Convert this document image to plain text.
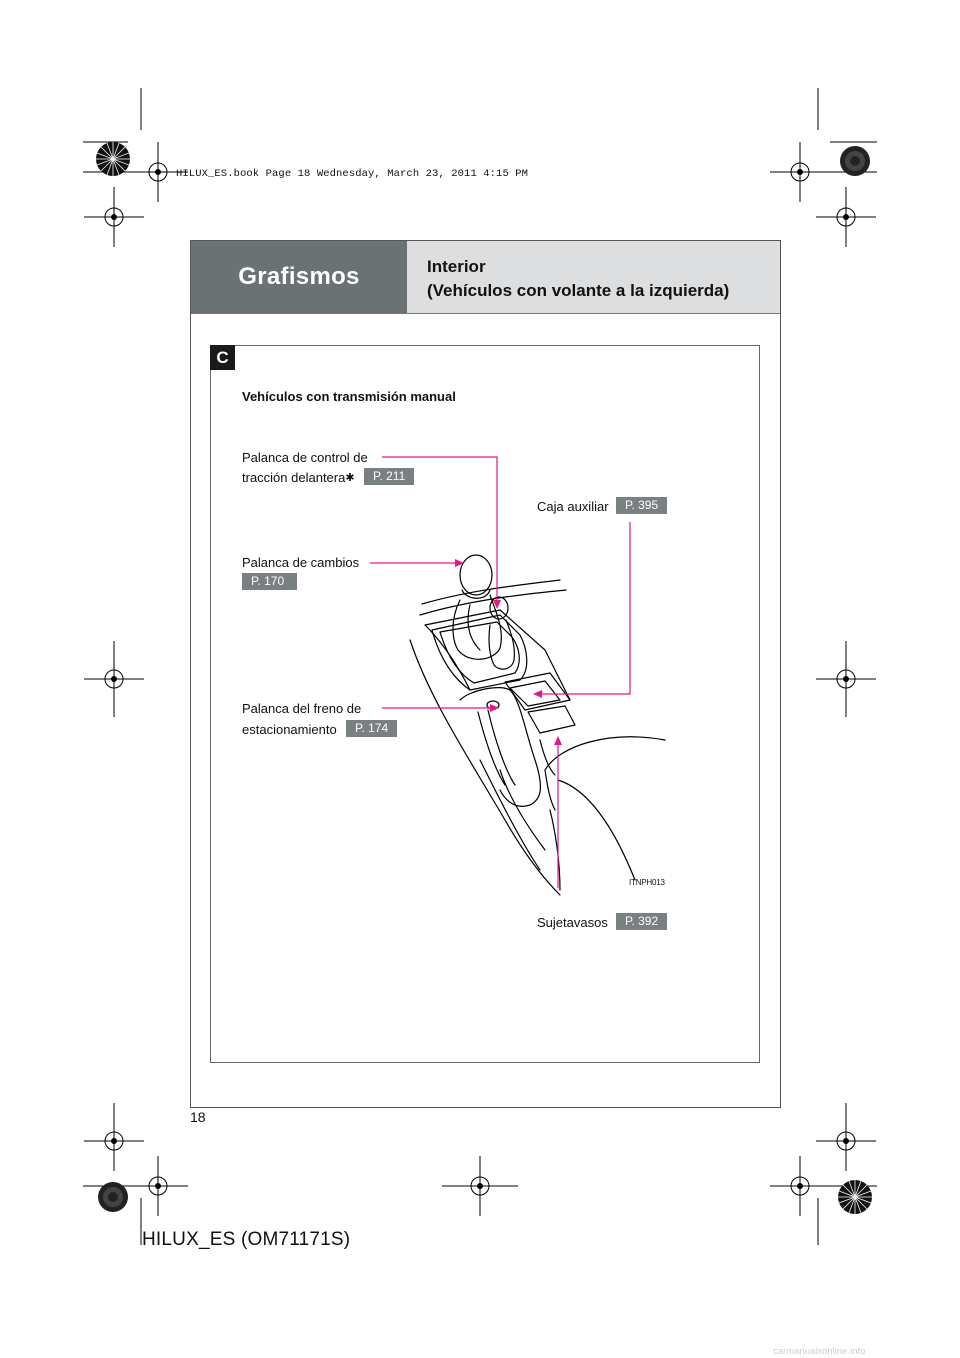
HILUX_ES.book Page 18 Wednesday, March 23, 2011 4:15 PM
Grafismos	Interior
(Vehículos con volante a la izquierda)
C
Vehículos con transmisión manual
Palanca de control de
tracción delantera✱	P. 211
Caja auxiliar	P. 395
Palanca de cambios
P. 170
Palanca del freno de
estacionamiento	P. 174
Sujetavasos	P. 392
ITNPH013
18
HILUX_ES (OM71171S)
carmanualsonline.info
